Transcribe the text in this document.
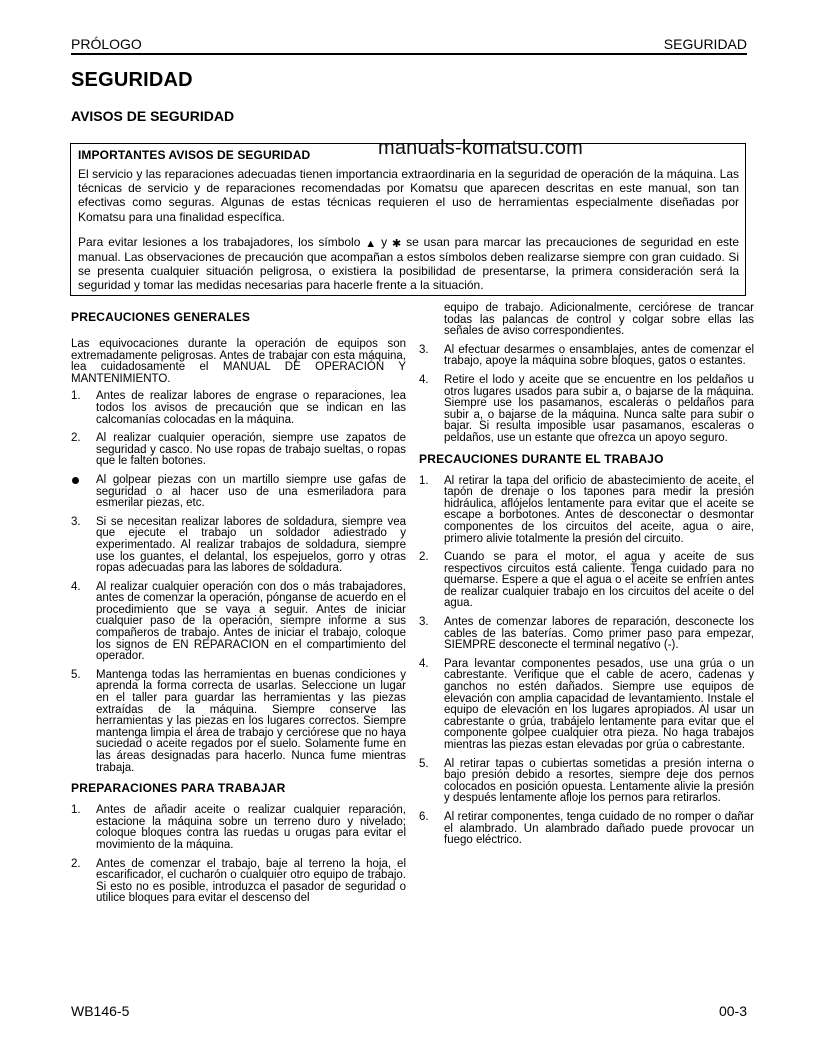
PRÓLOGO	SEGURIDAD
SEGURIDAD
AVISOS DE SEGURIDAD
IMPORTANTES AVISOS DE SEGURIDAD

El servicio y las reparaciones adecuadas tienen importancia extraordinaria en la seguridad de operación de la máquina. Las técnicas de servicio y de reparaciones recomendadas por Komatsu que aparecen descritas en este manual, son tan efectivas como seguras. Algunas de estas técnicas requieren el uso de herramientas especialmente diseñadas por Komatsu para una finalidad específica.

Para evitar lesiones a los trabajadores, los símbolo ▲ y ✱ se usan para marcar las precauciones de seguridad en este manual. Las observaciones de precaución que acompañan a estos símbolos deben realizarse siempre con gran cuidado. Si se presenta cualquier situación peligrosa, o existiera la posibilidad de presentarse, la primera consideración será la seguridad y tomar las medidas necesarias para hacerle frente a la situación.

manuals-komatsu.com
PRECAUCIONES GENERALES

Las equivocaciones durante la operación de equipos son extremadamente peligrosas. Antes de trabajar con esta máquina, lea cuidadosamente el MANUAL DE OPERACIÓN Y MANTENIMIENTO.

1.	Antes de realizar labores de engrase o reparaciones, lea todos los avisos de precaución que se indican en las calcomanías colocadas en la máquina.
2.	Al realizar cualquier operación, siempre use zapatos de seguridad y casco. No use ropas de trabajo sueltas, o ropas que le falten botones.
Al golpear piezas con un martillo siempre use gafas de seguridad o al hacer uso de una esmeriladora para esmerilar piezas, etc.
3.	Si se necesitan realizar labores de soldadura, siempre vea que ejecute el trabajo un soldador adiestrado y experimentado. Al realizar trabajos de soldadura, siempre use los guantes, el delantal, los espejuelos, gorro y otras ropas adecuadas para las labores de soldadura.
4.	Al realizar cualquier operación con dos o más trabajadores, antes de comenzar la operación, pónganse de acuerdo en el procedimiento que se vaya a seguir. Antes de iniciar cualquier paso de la operación, siempre informe a sus compañeros de trabajo. Antes de iniciar el trabajo, coloque los signos de EN REPARACION en el compartimiento del operador.
5.	Mantenga todas las herramientas en buenas condiciones y aprenda la forma correcta de usarlas. Seleccione un lugar en el taller para guardar las herramientas y las piezas extraídas de la máquina. Siempre conserve las herramientas y las piezas en los lugares correctos. Siempre mantenga limpia el área de trabajo y cerciórese que no haya suciedad o aceite regados por el suelo. Solamente fume en las áreas designadas para hacerlo. Nunca fume mientras trabaja.
PREPARACIONES PARA TRABAJAR
1.	Antes de añadir aceite o realizar cualquier reparación, estacione la máquina sobre un terreno duro y nivelado; coloque bloques contra las ruedas u orugas para evitar el movimiento de la máquina.
2.	Antes de comenzar el trabajo, baje al terreno la hoja, el escarificador, el cucharón o cualquier otro equipo de trabajo. Si esto no es posible, introduzca el pasador de seguridad o utilice bloques para evitar el descenso del
equipo de trabajo. Adicionalmente, cerciórese de trancar todas las palancas de control y colgar sobre ellas las señales de aviso correspondientes.
3.	Al efectuar desarmes o ensamblajes, antes de comenzar el trabajo, apoye la máquina sobre bloques, gatos o estantes.
4.	Retire el lodo y aceite que se encuentre en los peldaños u otros lugares usados para subir a, o bajarse de la máquina. Siempre use los pasamanos, escaleras o peldaños para subir a, o bajarse de la máquina. Nunca salte para subir o bajar. Si resulta imposible usar pasamanos, escaleras o peldaños, use un estante que ofrezca un apoyo seguro.
PRECAUCIONES DURANTE EL TRABAJO
1.	Al retirar la tapa del orificio de abastecimiento de aceite, el tapón de drenaje o los tapones para medir la presión hidráulica, aflójelos lentamente para evitar que el aceite se escape a borbotones. Antes de desconectar o desmontar componentes de los circuitos del aceite, agua o aire, primero alivie totalmente la presión del circuito.
2.	Cuando se para el motor, el agua y aceite de sus respectivos circuitos está caliente. Tenga cuidado para no quemarse. Espere a que el agua o el aceite se enfríen antes de realizar cualquier trabajo en los circuitos del aceite o del agua.
3.	Antes de comenzar labores de reparación, desconecte los cables de las baterías. Como primer paso para empezar, SIEMPRE desconecte el terminal negativo (-).
4.	Para levantar componentes pesados, use una grúa o un cabrestante. Verifique que el cable de acero, cadenas y ganchos no estén dañados. Siempre use equipos de elevación con amplia capacidad de levantamiento. Instale el equipo de elevación en los lugares apropiados. Al usar un cabrestante o grúa, trabájelo lentamente para evitar que el componente golpee cualquier otra pieza. No haga trabajos mientras las piezas estan elevadas por grúa o cabrestante.
5.	Al retirar tapas o cubiertas sometidas a presión interna o bajo presión debido a resortes, siempre deje dos pernos colocados en posición opuesta. Lentamente alivie la presión y después lentamente afloje los pernos para retirarlos.
6.	Al retirar componentes, tenga cuidado de no romper o dañar el alambrado. Un alambrado dañado puede provocar un fuego eléctrico.
WB146-5	00-3
